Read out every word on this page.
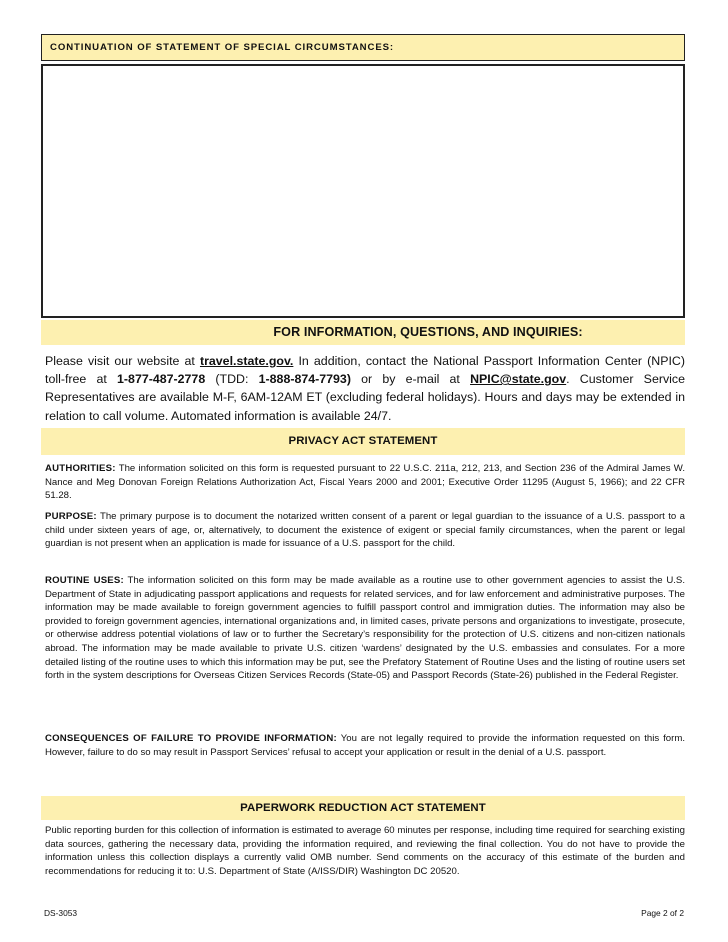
CONTINUATION OF STATEMENT OF SPECIAL CIRCUMSTANCES:
FOR INFORMATION, QUESTIONS, AND INQUIRIES:

Please visit our website at travel.state.gov. In addition, contact the National Passport Information Center (NPIC) toll-free at 1-877-487-2778 (TDD: 1-888-874-7793) or by e-mail at NPIC@state.gov. Customer Service Representatives are available M-F, 6AM-12AM ET (excluding federal holidays). Hours and days may be extended in relation to call volume. Automated information is available 24/7.

PRIVACY ACT STATEMENT

AUTHORITIES: The information solicited on this form is requested pursuant to 22 U.S.C. 211a, 212, 213, and Section 236 of the Admiral James W. Nance and Meg Donovan Foreign Relations Authorization Act, Fiscal Years 2000 and 2001; Executive Order 11295 (August 5, 1966); and 22 CFR 51.28.

PURPOSE: The primary purpose is to document the notarized written consent of a parent or legal guardian to the issuance of a U.S. passport to a child under sixteen years of age, or, alternatively, to document the existence of exigent or special family circumstances, when the parent or legal guardian is not present when an application is made for issuance of a U.S. passport for the child.

ROUTINE USES: The information solicited on this form may be made available as a routine use to other government agencies to assist the U.S. Department of State in adjudicating passport applications and requests for related services, and for law enforcement and administrative purposes. The information may be made available to foreign government agencies to fulfill passport control and immigration duties. The information may also be provided to foreign government agencies, international organizations and, in limited cases, private persons and organizations to investigate, prosecute, or otherwise address potential violations of law or to further the Secretary’s responsibility for the protection of U.S. citizens and non-citizen nationals abroad. The information may be made available to private U.S. citizen ‘wardens’ designated by the U.S. embassies and consulates. For a more detailed listing of the routine uses to which this information may be put, see the Prefatory Statement of Routine Uses and the listing of routine users set forth in the system descriptions for Overseas Citizen Services Records (State-05) and Passport Records (State-26) published in the Federal Register.

CONSEQUENCES OF FAILURE TO PROVIDE INFORMATION: You are not legally required to provide the information requested on this form. However, failure to do so may result in Passport Services’ refusal to accept your application or result in the denial of a U.S. passport.

PAPERWORK REDUCTION ACT STATEMENT

Public reporting burden for this collection of information is estimated to average 60 minutes per response, including time required for searching existing data sources, gathering the necessary data, providing the information required, and reviewing the final collection. You do not have to provide the information unless this collection displays a currently valid OMB number. Send comments on the accuracy of this estimate of the burden and recommendations for reducing it to: U.S. Department of State (A/ISS/DIR) Washington DC 20520.

DS-3053	Page 2 of 2
